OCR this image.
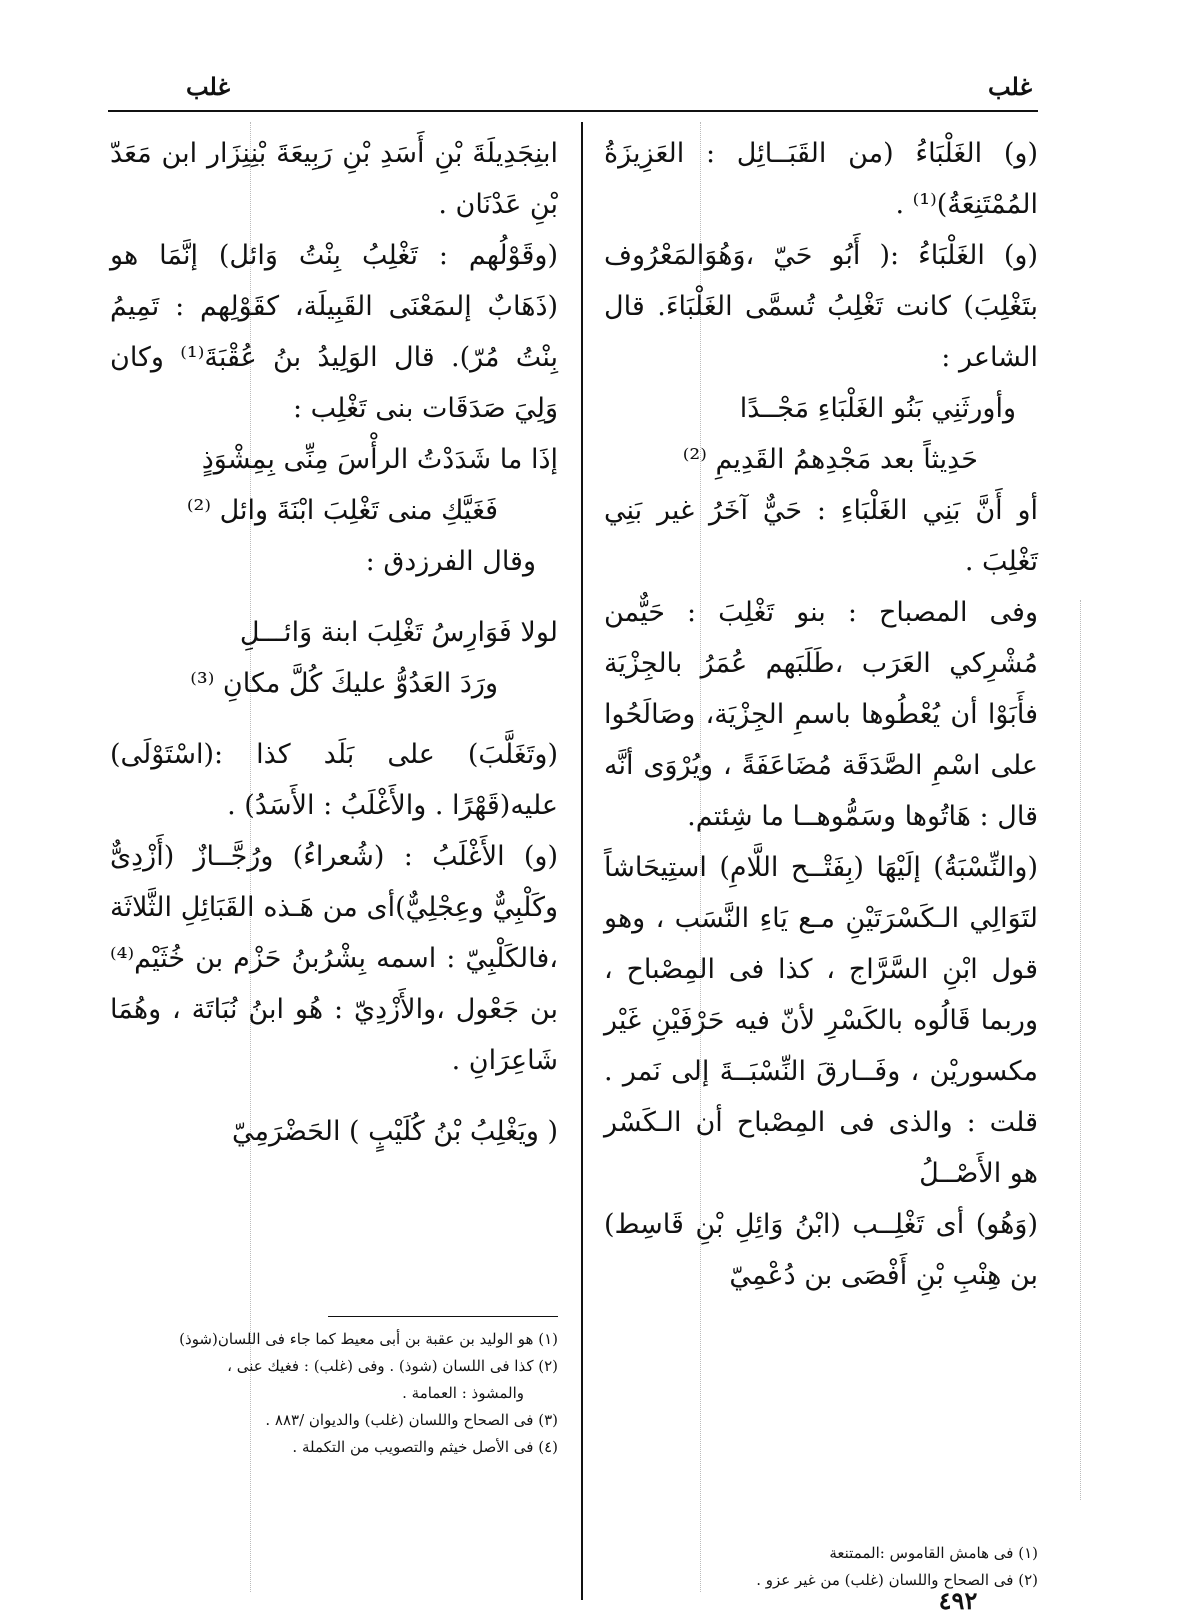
غلب
غلب

(و) الغَلْبَاءُ (من القَبَــائِل : العَزِيزَةُ المُمْتَنِعَةُ)⁽¹⁾ .

(و) الغَلْبَاءُ :( أَبُو حَيّ ،وَهُوَالمَعْرُوف بتَغْلِبَ) كانت تَغْلِبُ تُسمَّى الغَلْبَاءَ. قال الشاعر :

وأورثَنِي بَنُو الغَلْبَاءِ مَجْــدًا

حَدِيثاً بعد مَجْدِهمُ القَدِيمِ ⁽²⁾

أو أَنَّ بَنِي الغَلْبَاءِ : حَيٌّ آخَرُ غير بَنِي تَغْلِبَ .

وفى المصباح : بنو تَغْلِبَ : حَيٌّمن مُشْرِكي العَرَب ،طَلَبَهم عُمَرُ بالجِزْيَة فأَبَوْا أن يُعْطُوها باسمِ الجِزْيَة، وصَالَحُوا على اسْمِ الصَّدَقَة مُضَاعَفَةً ، ويُرْوَى أنَّه قال : هَاتُوها وسَمُّوهــا ما شِئتم.

(والنِّسْبَةُ) إلَيْهَا (بِفَتْــح اللَّامِ) استِيحَاشاً لتَوَالِي الـكَسْرَتَيْنِ مـع يَاءِ النَّسَب ، وهو قول ابْنِ السَّرَّاج ، كذا فى المِصْباح ، وربما قَالُوه بالكَسْرِ لأنّ فيه حَرْفَيْنِ غَيْر مكسوريْن ، وفَــارقَ النِّسْبَــةَ إلى نَمر . قلت : والذى فى المِصْباح أن الـكَسْر هو الأَصْــلُ

(وَهُو) أى تَغْلِــب (ابْنُ وَائِلِ بْنِ قَاسِط) بن هِنْبِ بْنِ أَفْصَى بن دُعْمِيّ

ابنِجَدِيلَةَ بْنِ أَسَدِ بْنِ رَبِيعَةَ بْنِنِزَار ابن مَعَدّ بْنِ عَدْنَان .

(وقَوْلُهم : تَغْلِبُ بِنْتُ وَائل) إنَّمَا هو (ذَهَابٌ إلىمَعْنَى القَبِيلَة، كقَوْلِهم : تَمِيمُ بِنْتُ مُرّ). قال الوَلِيدُ بنُ عُقْبَةَ⁽¹⁾ وكان وَلِيَ صَدَقَات بنى تَغْلِب :

إذَا ما شَدَدْتُ الرأْسَ مِنِّى بِمِشْوَذٍ

فَغَيَّكِ منى تَغْلِبَ ابْنَةَ وائل ⁽²⁾

وقال الفرزدق :

لولا فَوَارِسُ تَغْلِبَ ابنة وَائـــلِ

ورَدَ العَدُوُّ عليكَ كُلَّ مكانِ ⁽³⁾

(وتَغَلَّبَ) على بَلَد كذا :(اسْتَوْلَى) عليه(قَهْرًا . والأَغْلَبُ : الأَسَدُ) .

(و) الأَغْلَبُ : (شُعراءُ) ورُجَّــازٌ (أَزْدِىٌّ وكَلْبِيٌّ وعِجْلِيٌّ)أى من هَـذه القَبَائِلِ الثَّلاثَة ،فالكَلْبِيّ : اسمه بِشْرُبنُ حَزْم بن خُثَيْم⁽⁴⁾ بن جَعْول ،والأَزْدِيّ : هُو ابنُ نُبَاتَة ، وهُمَا شَاعِرَانِ .

( ويَغْلِبُ بْنُ كُلَيْبٍ ) الحَضْرَمِيّ

(١) هو الوليد بن عقبة بن أبى معيط كما جاء فى اللسان(شوذ)
(٢) كذا فى اللسان (شوذ) . وفى (غلب) : فغيك عنى ،
والمشوذ : العمامة .
(٣) فى الصحاح واللسان (غلب) والديوان /٨٨٣ .
(٤) فى الأصل خيثم والتصويب من التكملة .
(١) فى هامش القاموس :الممتنعة
(٢) فى الصحاح واللسان (غلب) من غير عزو .
٤٩٢
